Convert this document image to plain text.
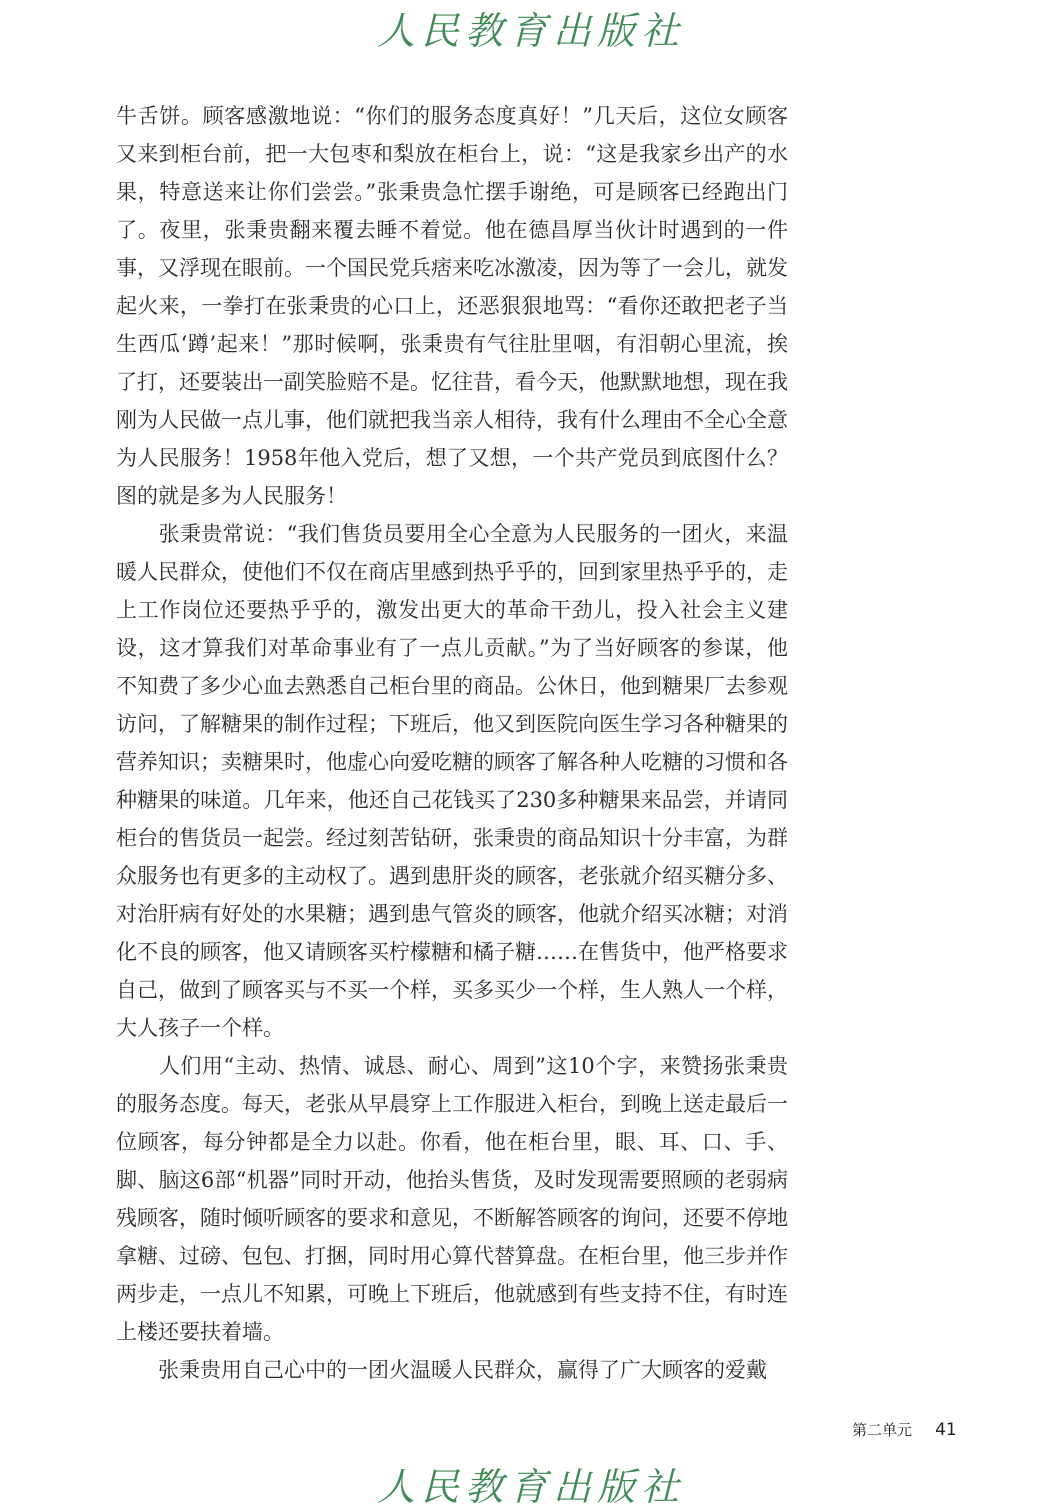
人民教育出版社

牛舌饼。顾客感激地说：“你们的服务态度真好！”几天后，这位女顾客又来到柜台前，把一大包枣和梨放在柜台上，说：“这是我家乡出产的水果，特意送来让你们尝尝。”张秉贵急忙摆手谢绝，可是顾客已经跑出门了。夜里，张秉贵翻来覆去睡不着觉。他在德昌厚当伙计时遇到的一件事，又浮现在眼前。一个国民党兵痞来吃冰激凌，因为等了一会儿，就发起火来，一拳打在张秉贵的心口上，还恶狠狠地骂：“看你还敢把老子当生西瓜‘蹲’起来！”那时候啊，张秉贵有气往肚里咽，有泪朝心里流，挨了打，还要装出一副笑脸赔不是。忆往昔，看今天，他默默地想，现在我刚为人民做一点儿事，他们就把我当亲人相待，我有什么理由不全心全意为人民服务！1958年他入党后，想了又想，一个共产党员到底图什么？图的就是多为人民服务！

　　张秉贵常说：“我们售货员要用全心全意为人民服务的一团火，来温暖人民群众，使他们不仅在商店里感到热乎乎的，回到家里热乎乎的，走上工作岗位还要热乎乎的，激发出更大的革命干劲儿，投入社会主义建设，这才算我们对革命事业有了一点儿贡献。”为了当好顾客的参谋，他不知费了多少心血去熟悉自己柜台里的商品。公休日，他到糖果厂去参观访问，了解糖果的制作过程；下班后，他又到医院向医生学习各种糖果的营养知识；卖糖果时，他虚心向爱吃糖的顾客了解各种人吃糖的习惯和各种糖果的味道。几年来，他还自己花钱买了230多种糖果来品尝，并请同柜台的售货员一起尝。经过刻苦钻研，张秉贵的商品知识十分丰富，为群众服务也有更多的主动权了。遇到患肝炎的顾客，老张就介绍买糖分多、对治肝病有好处的水果糖；遇到患气管炎的顾客，他就介绍买冰糖；对消化不良的顾客，他又请顾客买柠檬糖和橘子糖……在售货中，他严格要求自己，做到了顾客买与不买一个样，买多买少一个样，生人熟人一个样，大人孩子一个样。

　　人们用“主动、热情、诚恳、耐心、周到”这10个字，来赞扬张秉贵的服务态度。每天，老张从早晨穿上工作服进入柜台，到晚上送走最后一位顾客，每分钟都是全力以赴。你看，他在柜台里，眼、耳、口、手、脚、脑这6部“机器”同时开动，他抬头售货，及时发现需要照顾的老弱病残顾客，随时倾听顾客的要求和意见，不断解答顾客的询问，还要不停地拿糖、过磅、包包、打捆，同时用心算代替算盘。在柜台里，他三步并作两步走，一点儿不知累，可晚上下班后，他就感到有些支持不住，有时连上楼还要扶着墙。

　　张秉贵用自己心中的一团火温暖人民群众，赢得了广大顾客的爱戴

第二单元 41
人民教育出版社
